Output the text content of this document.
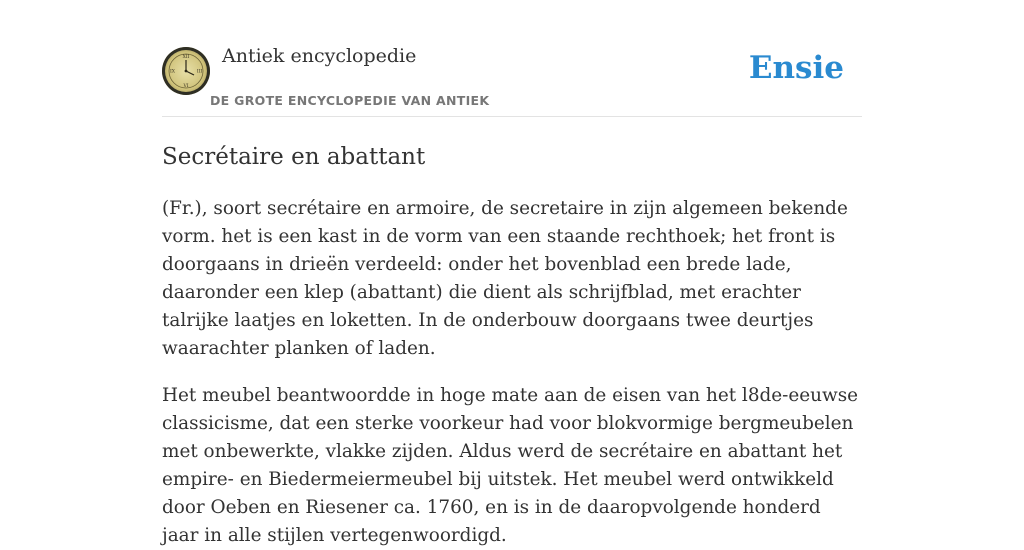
XII
III
VI
IX
Antiek encyclopedie
DE GROTE ENCYCLOPEDIE VAN ANTIEK
Ensie
Secrétaire en abattant

(Fr.), soort secrétaire en armoire, de secretaire in zijn algemeen bekende vorm. het is een kast in de vorm van een staande rechthoek; het front is doorgaans in drieën verdeeld: onder het bovenblad een brede lade, daaronder een klep (abattant) die dient als schrijfblad, met erachter talrijke laatjes en loketten. In de onderbouw doorgaans twee deurtjes waarachter planken of laden.

Het meubel beantwoordde in hoge mate aan de eisen van het l8de-eeuwse classicisme, dat een sterke voorkeur had voor blokvormige bergmeubelen met onbewerkte, vlakke zijden. Aldus werd de secrétaire en abattant het empire- en Biedermeiermeubel bij uitstek. Het meubel werd ontwikkeld door Oeben en Riesener ca. 1760, en is in de daaropvolgende honderd jaar in alle stijlen vertegenwoordigd.
